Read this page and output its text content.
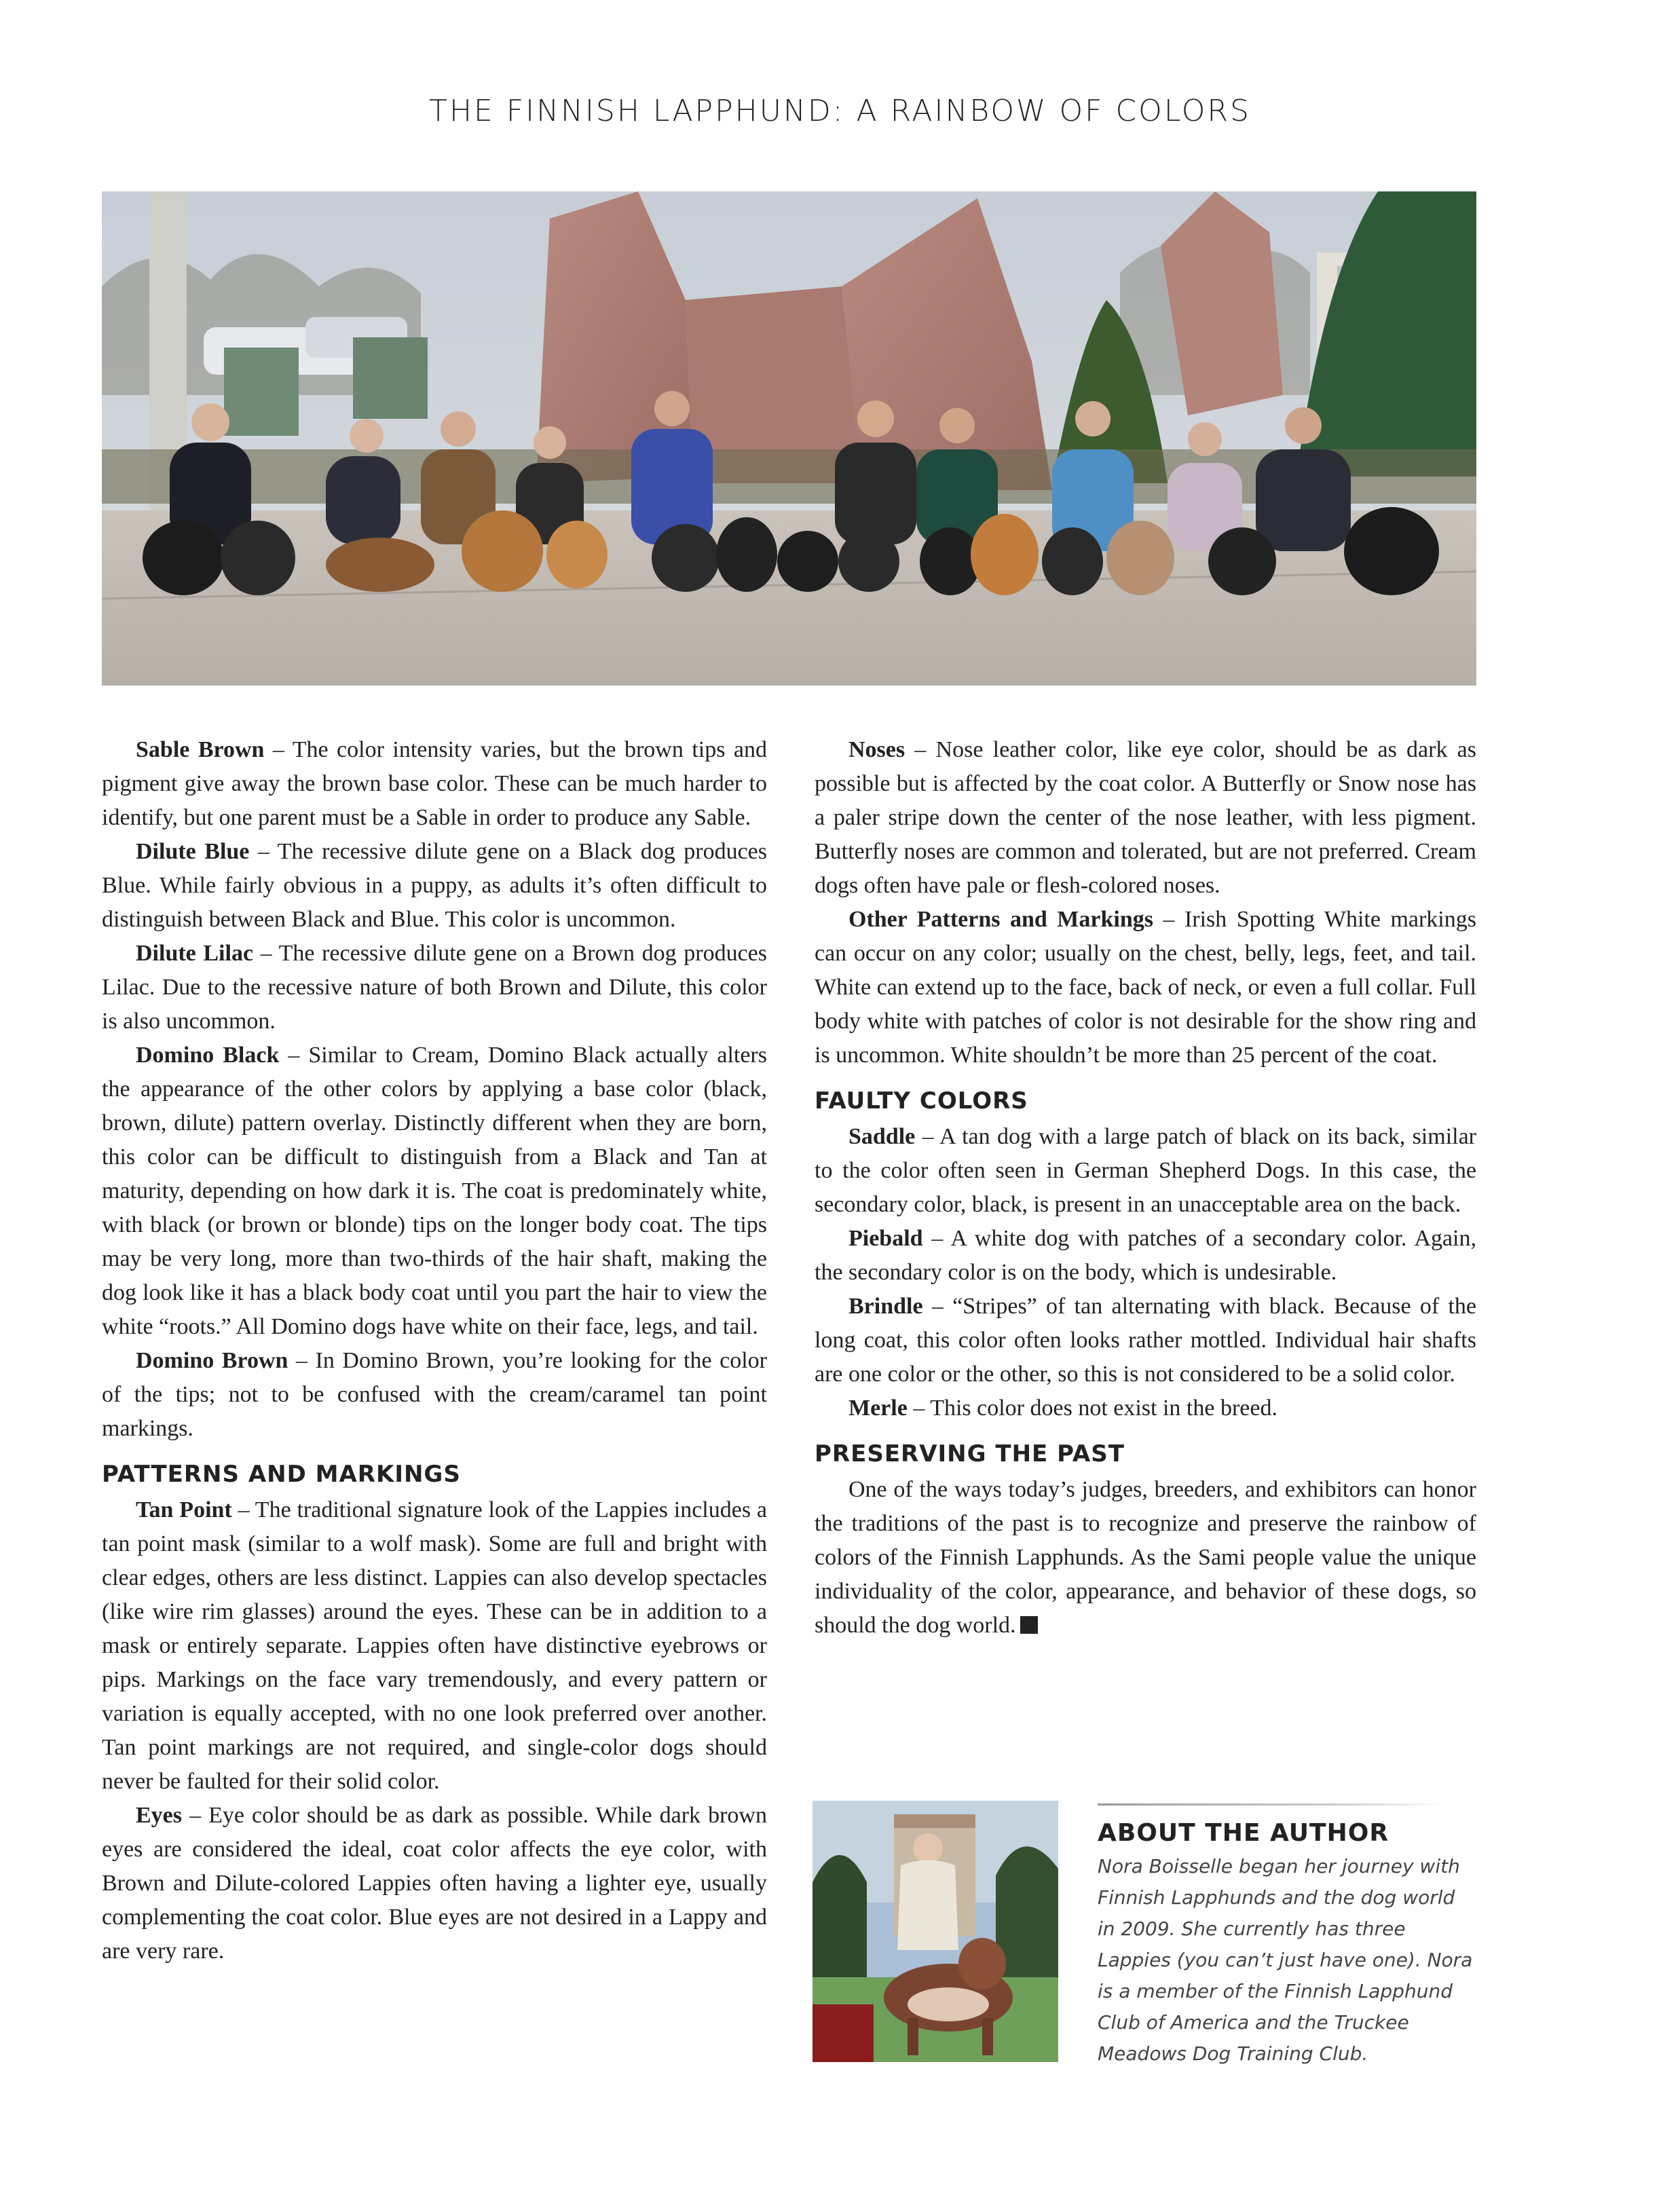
THE FINNISH LAPPHUND: A RAINBOW OF COLORS

Sable Brown – The color intensity varies, but the brown tips and pigment give away the brown base color. These can be much harder to identify, but one parent must be a Sable in order to produce any Sable.

Dilute Blue – The recessive dilute gene on a Black dog produces Blue. While fairly obvious in a puppy, as adults it’s often difficult to distinguish between Black and Blue. This color is uncommon.

Dilute Lilac – The recessive dilute gene on a Brown dog produces Lilac. Due to the recessive nature of both Brown and Dilute, this color is also uncommon.

Domino Black – Similar to Cream, Domino Black actually alters the appearance of the other colors by applying a base color (black, brown, dilute) pattern overlay. Distinctly different when they are born, this color can be difficult to distinguish from a Black and Tan at maturity, depending on how dark it is. The coat is predominately white, with black (or brown or blonde) tips on the longer body coat. The tips may be very long, more than two-thirds of the hair shaft, making the dog look like it has a black body coat until you part the hair to view the white “roots.” All Domino dogs have white on their face, legs, and tail.

Domino Brown – In Domino Brown, you’re looking for the color of the tips; not to be confused with the cream/caramel tan point markings.

PATTERNS AND MARKINGS

Tan Point – The traditional signature look of the Lappies includes a tan point mask (similar to a wolf mask). Some are full and bright with clear edges, others are less distinct. Lappies can also develop spectacles (like wire rim glasses) around the eyes. These can be in addition to a mask or entirely separate. Lappies often have distinctive eyebrows or pips. Markings on the face vary tremendously, and every pattern or variation is equally accepted, with no one look preferred over another. Tan point markings are not required, and single-color dogs should never be faulted for their solid color.

Eyes – Eye color should be as dark as possible. While dark brown eyes are considered the ideal, coat color affects the eye color, with Brown and Dilute-colored Lappies often having a lighter eye, usually complementing the coat color. Blue eyes are not desired in a Lappy and are very rare.

Noses – Nose leather color, like eye color, should be as dark as possible but is affected by the coat color. A Butterfly or Snow nose has a paler stripe down the center of the nose leather, with less pigment. Butterfly noses are common and tolerated, but are not preferred. Cream dogs often have pale or flesh-colored noses.

Other Patterns and Markings – Irish Spotting White markings can occur on any color; usually on the chest, belly, legs, feet, and tail. White can extend up to the face, back of neck, or even a full collar. Full body white with patches of color is not desirable for the show ring and is uncommon. White shouldn’t be more than 25 percent of the coat.

FAULTY COLORS

Saddle – A tan dog with a large patch of black on its back, similar to the color often seen in German Shepherd Dogs. In this case, the secondary color, black, is present in an unacceptable area on the back.

Piebald – A white dog with patches of a secondary color. Again, the secondary color is on the body, which is undesirable.

Brindle – “Stripes” of tan alternating with black. Because of the long coat, this color often looks rather mottled. Individual hair shafts are one color or the other, so this is not considered to be a solid color.

Merle – This color does not exist in the breed.

PRESERVING THE PAST

One of the ways today’s judges, breeders, and exhibitors can honor the traditions of the past is to recognize and preserve the rainbow of colors of the Finnish Lapphunds. As the Sami people value the unique individuality of the color, appearance, and behavior of these dogs, so should the dog world.

ABOUT THE AUTHOR

Nora Boisselle began her journey with Finnish Lapphunds and the dog world in 2009. She currently has three Lappies (you can’t just have one). Nora is a member of the Finnish Lapphund Club of America and the Truckee Meadows Dog Training Club.
